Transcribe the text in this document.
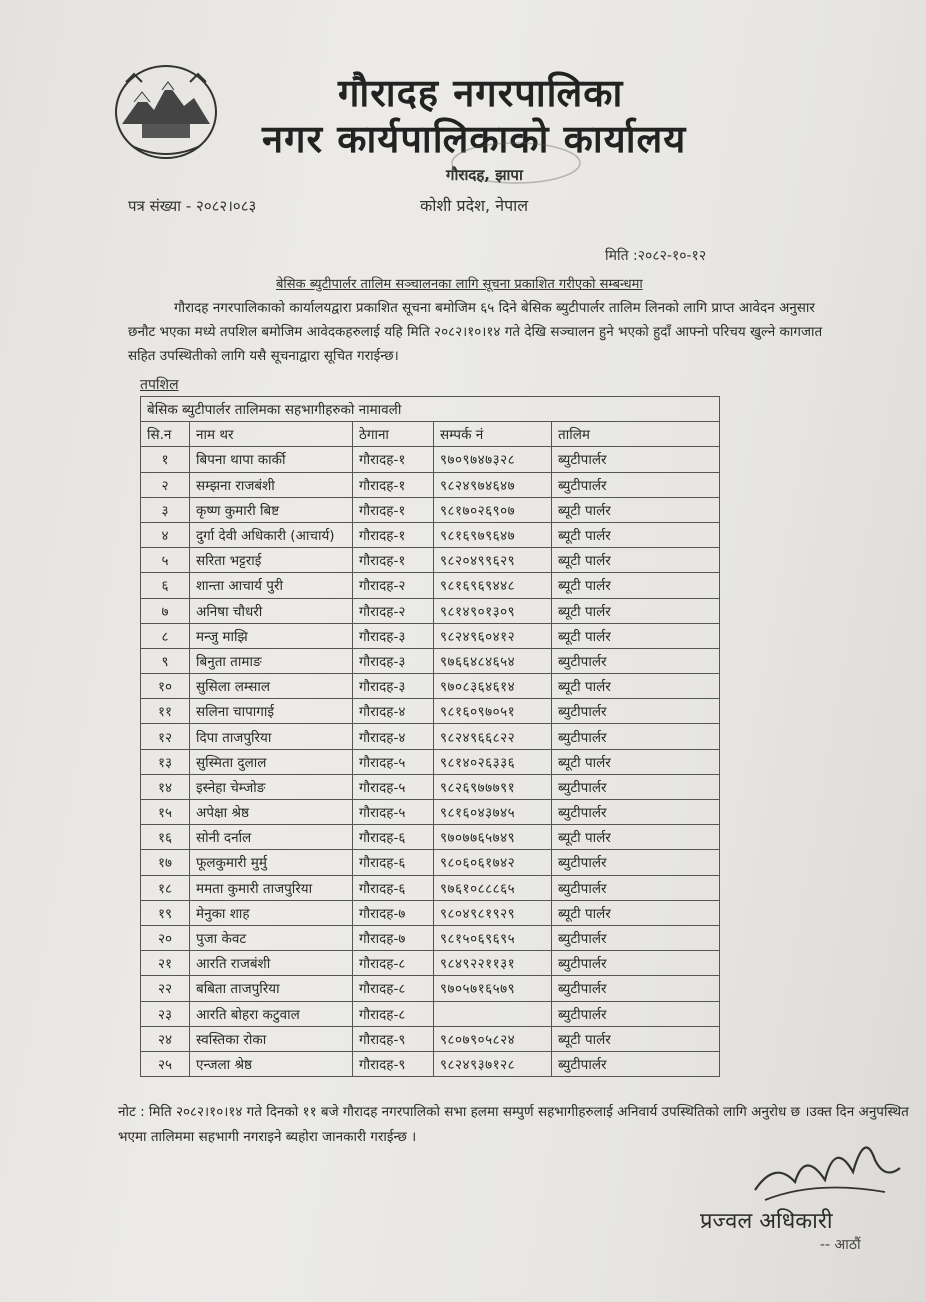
गौरादह नगरपालिका
नगर कार्यपालिकाको कार्यालय
गौरादह, झापा
पत्र संख्या - २०८२।०८३	कोशी प्रदेश, नेपाल
मिति :२०८२-१०-१२
बेसिक ब्युटीपार्लर तालिम सञ्चालनका लागि सूचना प्रकाशित गरीएको सम्बन्धमा
गौरादह नगरपालिकाको कार्यालयद्वारा प्रकाशित सूचना बमोजिम ६५ दिने बेसिक ब्युटीपार्लर तालिम लिनको लागि प्राप्त आवेदन अनुसार छनौट भएका मध्ये तपशिल बमोजिम आवेदकहरुलाई यहि मिति २०८२।१०।१४ गते देखि सञ्चालन हुने भएको हुदाँ आफ्नो परिचय खुल्ने कागजात सहित उपस्थितीको लागि यसै सूचनाद्वारा सूचित गराईन्छ।
तपशिल
बेसिक ब्युटीपार्लर तालिमका सहभागीहरुको नामावली				
सि.न	नाम थर	ठेगाना	सम्पर्क नं	तालिम
१	बिपना थापा कार्की	गौरादह-१	९७०९७४७३२८	ब्युटीपार्लर
२	सम्झना राजबंशी	गौरादह-१	९८२४९७४६४७	ब्युटीपार्लर
३	कृष्ण कुमारी बिष्ट	गौरादह-१	९८१७०२६९०७	ब्यूटी पार्लर
४	दुर्गा देवी अधिकारी (आचार्य)	गौरादह-१	९८१६९७९६४७	ब्यूटी पार्लर
५	सरिता भट्टराई	गौरादह-१	९८२०४९९६२९	ब्यूटी पार्लर
६	शान्ता आचार्य पुरी	गौरादह-२	९८१६९६९४४८	ब्यूटी पार्लर
७	अनिषा चौधरी	गौरादह-२	९८१४९०१३०९	ब्यूटी पार्लर
८	मन्जु माझि	गौरादह-३	९८२४९६०४१२	ब्यूटी पार्लर
९	बिनुता तामाङ	गौरादह-३	९७६६४८४६५४	ब्युटीपार्लर
१०	सुसिला लम्साल	गौरादह-३	९७०८३६४६१४	ब्यूटी पार्लर
११	सलिना चापागाई	गौरादह-४	९८१६०९७०५१	ब्युटीपार्लर
१२	दिपा ताजपुरिया	गौरादह-४	९८२४९६६८२२	ब्युटीपार्लर
१३	सुस्मिता दुलाल	गौरादह-५	९८१४०२६३३६	ब्यूटी पार्लर
१४	इस्नेहा चेम्जोङ	गौरादह-५	९८२६९७७७९१	ब्युटीपार्लर
१५	अपेक्षा श्रेष्ठ	गौरादह-५	९८१६०४३७४५	ब्युटीपार्लर
१६	सोनी दर्नाल	गौरादह-६	९७०७७६५७४९	ब्यूटी पार्लर
१७	फूलकुमारी मुर्मु	गौरादह-६	९८०६०६१७४२	ब्युटीपार्लर
१८	ममता कुमारी ताजपुरिया	गौरादह-६	९७६१०८८८६५	ब्युटीपार्लर
१९	मेनुका शाह	गौरादह-७	९८०४९८१९२९	ब्यूटी पार्लर
२०	पुजा केवट	गौरादह-७	९८१५०६९६९५	ब्युटीपार्लर
२१	आरति राजबंशी	गौरादह-८	९८४९२२११३१	ब्युटीपार्लर
२२	बबिता ताजपुरिया	गौरादह-८	९७०५७१६५७९	ब्युटीपार्लर
२३	आरति बोहरा कटुवाल	गौरादह-८		ब्युटीपार्लर
२४	स्वस्तिका रोका	गौरादह-९	९८०७९०५८२४	ब्यूटी पार्लर
२५	एन्जला श्रेष्ठ	गौरादह-९	९८२४९३७१२८	ब्युटीपार्लर
नोट : मिति २०८२।१०।१४ गते दिनको ११ बजे गौरादह नगरपालिको सभा हलमा सम्पुर्ण सहभागीहरुलाई अनिवार्य उपस्थितिको लागि अनुरोध छ ।उक्त दिन अनुपस्थित भएमा तालिममा सहभागी नगराइने ब्यहोरा जानकारी गराईन्छ ।
प्रज्वल अधिकारी
-- आठौं
